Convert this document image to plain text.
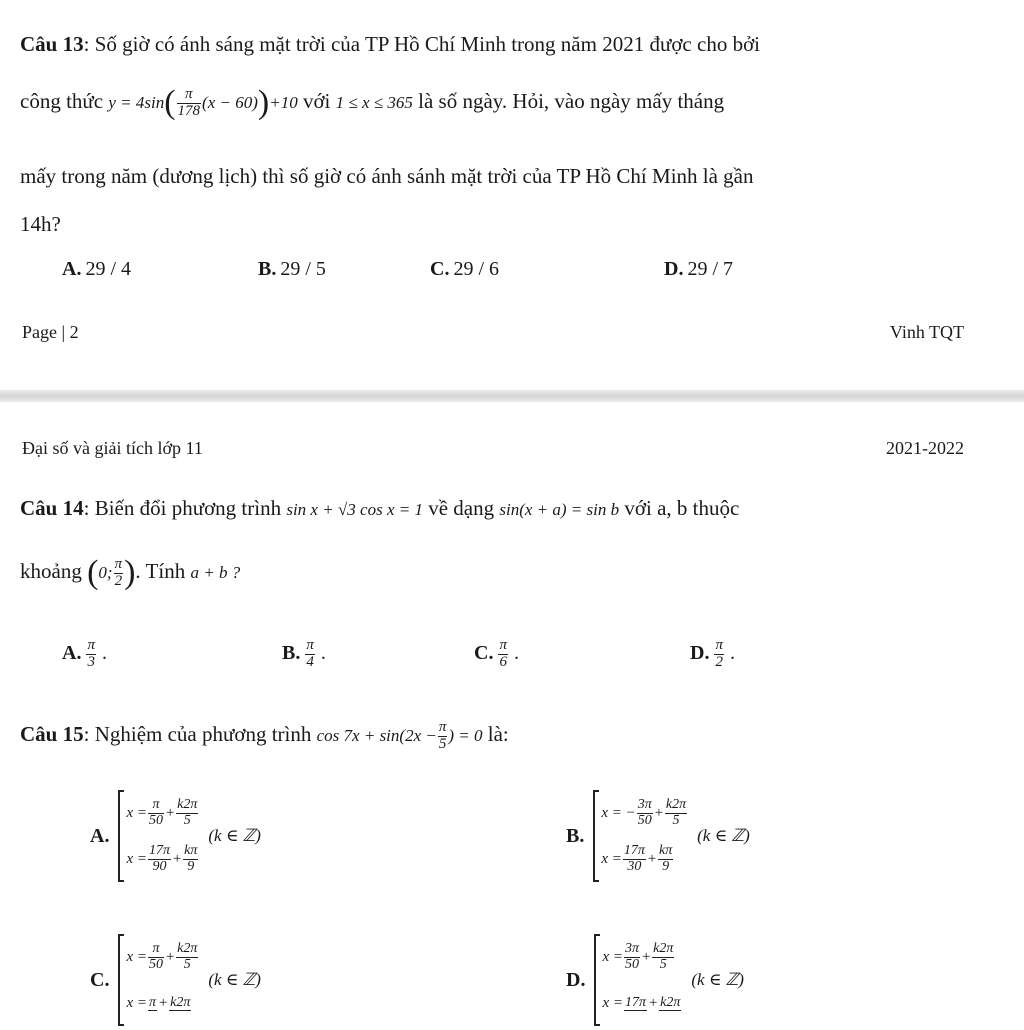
Câu 13: Số giờ có ánh sáng mặt trời của TP Hồ Chí Minh trong năm 2021 được cho bởi
công thức $y = 4\sin( \frac{\pi}{178} (x - 60))+10$ với 1 ≤ x ≤ 365 là số ngày. Hỏi, vào ngày mấy tháng
mấy trong năm (dương lịch) thì số giờ có ánh sánh mặt trời của TP Hồ Chí Minh là gần
14h?
A. 29 / 4	B. 29 / 5	C. 29 / 6	D. 29 / 7
Page | 2	Vinh TQT
Đại số và giải tích lớp 11	2021-2022
Câu 14: Biến đổi phương trình sin x + √3 cos x = 1 về dạng sin(x + a) = sin b với a, b thuộc
khoảng (0; $\frac{\pi}{2}$ ). Tính a + b ?
A. $\frac{\pi}{3}$ .	B. $\frac{\pi}{4}$ .	C. $\frac{\pi}{6}$ .	D. $\frac{\pi}{2}$ .
Câu 15: Nghiệm của phương trình $\cos 7x + \sin(2x - \frac{\pi}{5}$ ) = 0 là:
A.
$x = \frac{\pi}{50} + \frac{k2\pi}{5}$
$x = \frac{17\pi}{90} + \frac{k\pi}{9}$
(k ∈ ℤ)	B.
x = − $\frac{3\pi}{50} + \frac{k2\pi}{5}$
$x = \frac{17\pi}{30} + \frac{k\pi}{9}$
(k ∈ ℤ)
C.
$x = \frac{\pi}{50} + \frac{k2\pi}{5}$
x = π + k2π
(k ∈ ℤ)	D.
$x = \frac{3\pi}{50} + \frac{k2\pi}{5}$
x = 17π + k2π
(k ∈ ℤ)
